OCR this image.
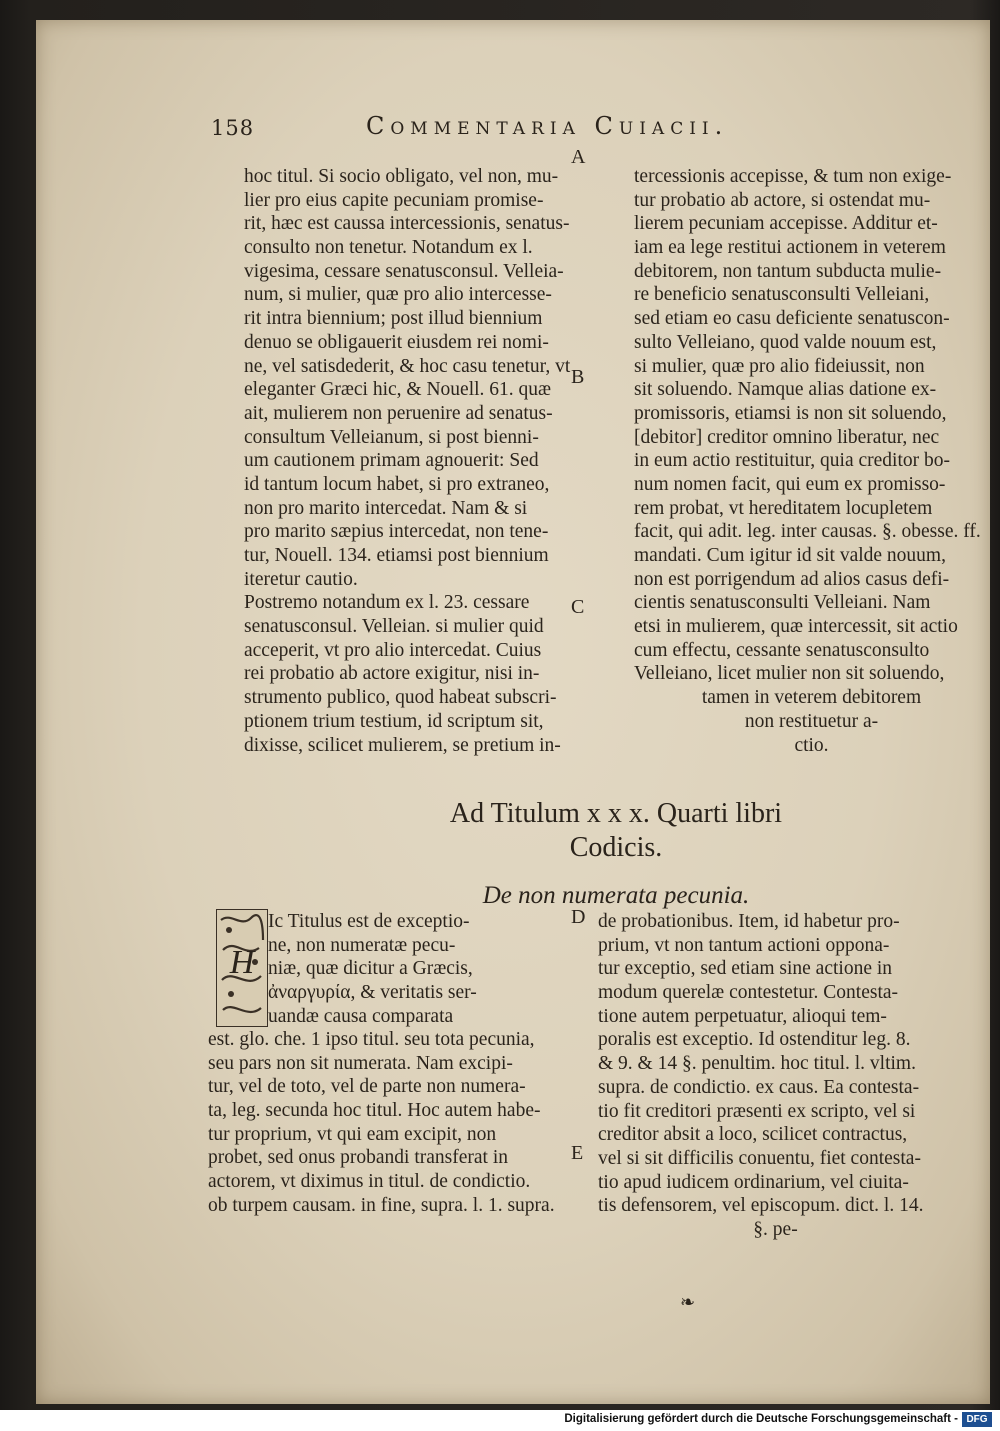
158	Commentaria Cuiacii.
hoc titul. Si socio obligato, vel non, mu-
lier pro eius capite pecuniam promise-
rit, hæc est caussa intercessionis, senatus-
consulto non tenetur. Notandum ex l.
vigesima, cessare senatusconsul. Velleia-
num, si mulier, quæ pro alio intercesse-
rit intra biennium; post illud biennium
denuo se obligauerit eiusdem rei nomi-
ne, vel satisdederit, & hoc casu tenetur, vt
eleganter Græci hic, & Nouell. 61. quæ
ait, mulierem non peruenire ad senatus-
consultum Velleianum, si post bienni-
um cautionem primam agnouerit: Sed
id tantum locum habet, si pro extraneo,
non pro marito intercedat. Nam & si
pro marito sæpius intercedat, non tene-
tur, Nouell. 134. etiamsi post biennium
iteretur cautio.
Postremo notandum ex l. 23. cessare
senatusconsul. Velleian. si mulier quid
acceperit, vt pro alio intercedat. Cuius
rei probatio ab actore exigitur, nisi in-
strumento publico, quod habeat subscri-
ptionem trium testium, id scriptum sit,
dixisse, scilicet mulierem, se pretium in-
tercessionis accepisse, & tum non exige-
tur probatio ab actore, si ostendat mu-
lierem pecuniam accepisse. Additur et-
iam ea lege restitui actionem in veterem
debitorem, non tantum subducta mulie-
re beneficio senatusconsulti Velleiani,
sed etiam eo casu deficiente senatuscon-
sulto Velleiano, quod valde nouum est,
si mulier, quæ pro alio fideiussit, non
sit soluendo. Namque alias datione ex-
promissoris, etiamsi is non sit soluendo,
[debitor] creditor omnino liberatur, nec
in eum actio restituitur, quia creditor bo-
num nomen facit, qui eum ex promisso-
rem probat, vt hereditatem locupletem
facit, qui adit. leg. inter causas. §. obesse. ff.
mandati. Cum igitur id sit valde nouum,
non est porrigendum ad alios casus defi-
cientis senatusconsulti Velleiani. Nam
etsi in mulierem, quæ intercessit, sit actio
cum effectu, cessante senatusconsulto
Velleiano, licet mulier non sit soluendo,
tamen in veterem debitorem
non restituetur a-
ctio.
A
B
C
Ad Titulum x x x. Quarti libri
Codicis.
De non numerata pecunia.
H
Ic Titulus est de exceptio-
ne, non numeratæ pecu-
niæ, quæ dicitur a Græcis,
ἀναργυρία, & veritatis ser-
uandæ causa comparata
est. glo. che. 1 ipso titul. seu tota pecunia,
seu pars non sit numerata. Nam excipi-
tur, vel de toto, vel de parte non numera-
ta, leg. secunda hoc titul. Hoc autem habe-
tur proprium, vt qui eam excipit, non
probet, sed onus probandi transferat in
actorem, vt diximus in titul. de condictio.
ob turpem causam. in fine, supra. l. 1. supra.
de probationibus. Item, id habetur pro-
prium, vt non tantum actioni oppona-
tur exceptio, sed etiam sine actione in
modum querelæ contestetur. Contesta-
tione autem perpetuatur, alioqui tem-
poralis est exceptio. Id ostenditur leg. 8.
& 9. & 14 §. penultim. hoc titul. l. vltim.
supra. de condictio. ex caus. Ea contesta-
tio fit creditori præsenti ex scripto, vel si
creditor absit a loco, scilicet contractus,
vel si sit difficilis conuentu, fiet contesta-
tio apud iudicem ordinarium, vel ciuita-
tis defensorem, vel episcopum. dict. l. 14.
§. pe-
D
E
❧
Digitalisierung gefördert durch die Deutsche Forschungsgemeinschaft - DFG
